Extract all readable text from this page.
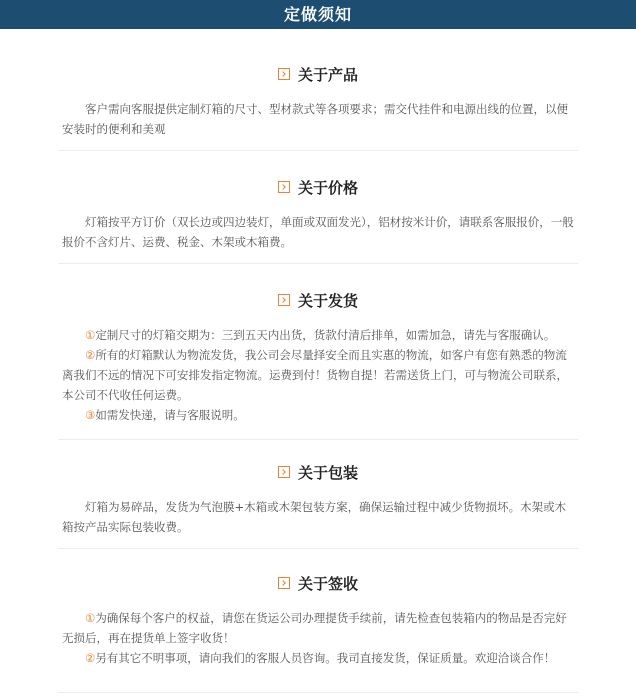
定做须知
关于产品

客户需向客服提供定制灯箱的尺寸、型材款式等各项要求；需交代挂件和电源出线的位置，以便安装时的便利和美观

关于价格

灯箱按平方订价（双长边或四边装灯，单面或双面发光），铝材按米计价，请联系客服报价，一般报价不含灯片、运费、税金、木架或木箱费。

关于发货

①定制尺寸的灯箱交期为：三到五天内出货，货款付清后排单，如需加急，请先与客服确认。

②所有的灯箱默认为物流发货，我公司会尽量择安全而且实惠的物流，如客户有您有熟悉的物流离我们不远的情况下可安排发指定物流。运费到付！货物自提！若需送货上门，可与物流公司联系，本公司不代收任何运费。

③如需发快递，请与客服说明。

关于包装

灯箱为易碎品，发货为气泡膜+木箱或木架包装方案，确保运输过程中减少货物损坏。木架或木箱按产品实际包装收费。

关于签收

①为确保每个客户的权益，请您在货运公司办理提货手续前，请先检查包装箱内的物品是否完好无损后，再在提货单上签字收货！

②另有其它不明事项，请向我们的客服人员咨询。我司直接发货，保证质量。欢迎洽谈合作！
